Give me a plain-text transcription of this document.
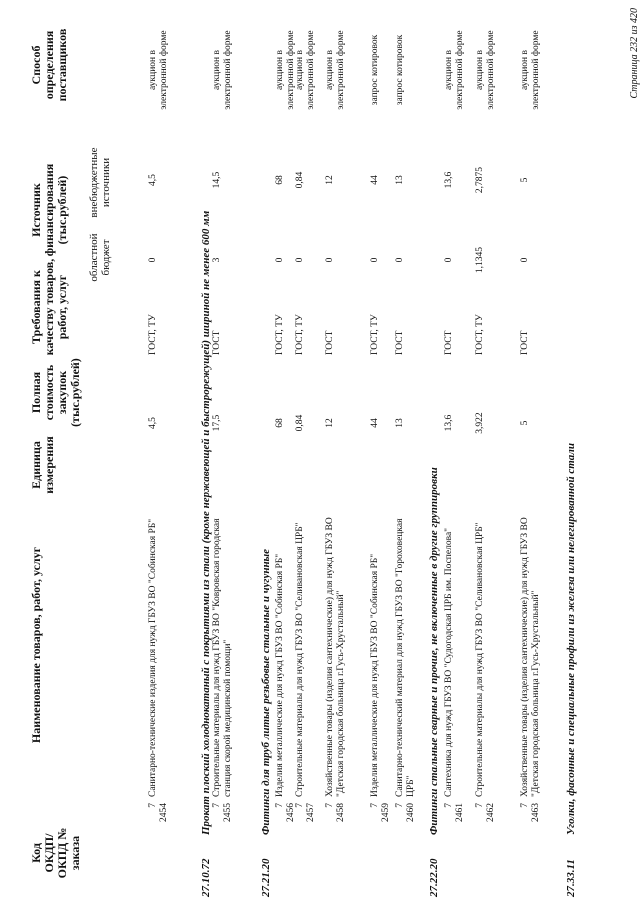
Код ОКДП/ ОКПД № заказа
Наименование товаров, работ, услуг
Единица измерения
Полная стоимость закупок (тыс.рублей)
Требования к качеству товаров, работ, услуг
Источник финансирования (тыс.рублей)
областной бюджет
внебюджетные источники
Способ определения поставщиков
7 2454
Санитарно-технические изделия для нужд ГБУЗ ВО "Собинская РБ"
4,5
ГОСТ, ТУ
0
4,5
аукцион в электронной форме
27.10.72Прокат плоский холоднокатаный с покрытиями из стали (кроме нержавеющей и быстрорежущей) шириной не менее 600 мм 7 2455
Строительные материалы для нужд ГБУЗ ВО "Ковровская городская станция скорой медицинской помощи"
17,5
ГОСТ
3
14,5
аукцион в электронной форме
27.21.20Фитинги для труб литые резьбовые стальные и чугунные 7 2456
Изделия металлические для нужд ГБУЗ ВО "Собинская РБ"
68
ГОСТ, ТУ
0
68
аукцион в электронной форме
7 2457
Строительные материалы для нужд ГБУЗ ВО "Селивановская ЦРБ"
0,84
ГОСТ, ТУ
0
0,84
аукцион в электронной форме
7 2458
Хозяйственные товары (изделия сантехнические) для нужд ГБУЗ ВО "Детская городская больница г.Гусь-Хрустальный"
12
ГОСТ
0
12
аукцион в электронной форме
7 2459
Изделия металлические для нужд ГБУЗ ВО "Собинская РБ"
44
ГОСТ, ТУ
0
44
запрос котировок
7 2460
Санитарно-технический материал для нужд ГБУЗ ВО "Гороховецкая ЦРБ"
13
ГОСТ
0
13
запрос котировок
27.22.20Фитинги стальные сварные и прочие, не включенные в другие группировки 7 2461
Сантехника для нужд ГБУЗ ВО "Судогодская ЦРБ им. Поспелова"
13,6
ГОСТ
0
13,6
аукцион в электронной форме
7 2462
Строительные материалы для нужд ГБУЗ ВО "Селивановская ЦРБ"
3,922
ГОСТ, ТУ
1,1345
2,7875
аукцион в электронной форме
7 2463
Хозяйственные товары (изделия сантехнические) для нужд ГБУЗ ВО "Детская городская больница г.Гусь-Хрустальный"
5
ГОСТ
0
5
аукцион в электронной форме
27.33.11Уголки, фасонные и специальные профили из железа или нелегированной стали
Страница 232 из 420
